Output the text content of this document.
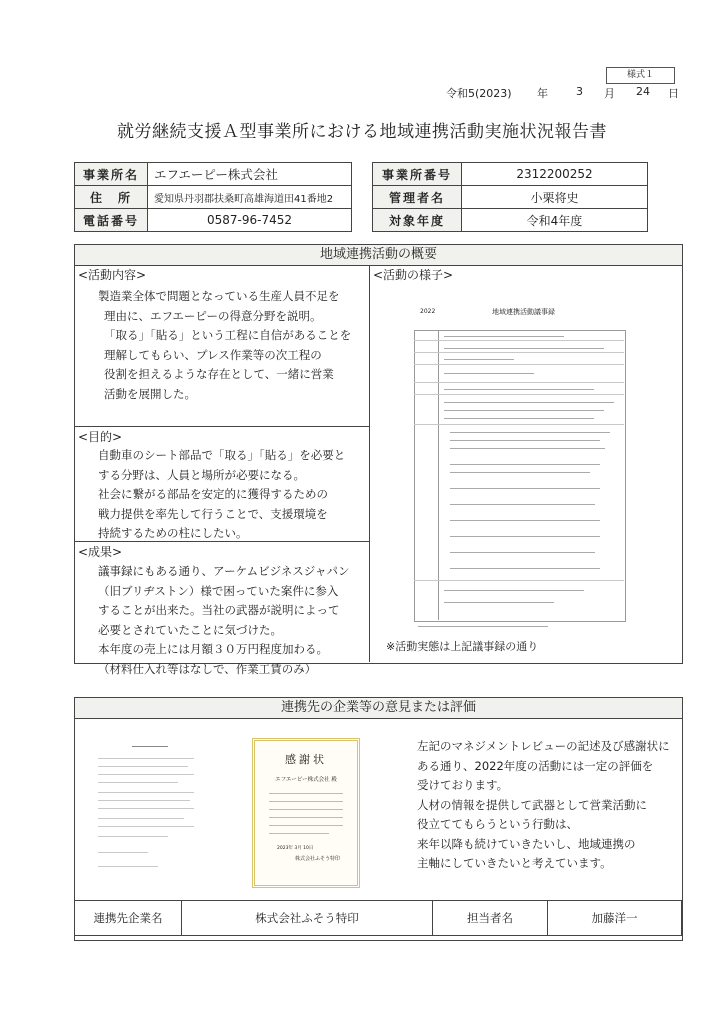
様式１
令和5(2023) 年	3 月 24 日
就労継続支援Ａ型事業所における地域連携活動実施状況報告書
事業所名	エフエーピー株式会社
住　所	愛知県丹羽郡扶桑町高雄海道田41番地2
電話番号	0587-96-7452
事業所番号	2312200252
管理者名	小栗将史
対象年度	令和4年度
地域連携活動の概要
<活動内容>
製造業全体で問題となっている生産人員不足を
理由に、エフエーピーの得意分野を説明。
「取る」「貼る」という工程に自信があることを
理解してもらい、プレス作業等の次工程の
役割を担えるような存在として、一緒に営業
活動を展開した。
<目的>
自動車のシート部品で「取る」「貼る」を必要と
する分野は、人員と場所が必要になる。
社会に繋がる部品を安定的に獲得するための
戦力提供を率先して行うことで、支援環境を
持続するための柱にしたい。
<成果>
議事録にもある通り、アーケムビジネスジャパン
（旧ブリヂストン）様で困っていた案件に参入
することが出来た。当社の武器が説明によって
必要とされていたことに気づけた。
本年度の売上には月額３０万円程度加わる。
（材料仕入れ等はなしで、作業工賃のみ）
<活動の様子>
2022	地域連携活動議事録
※活動実態は上記議事録の通り
連携先の企業等の意見または評価
感謝状
エフエーピー株式会社 殿
2023年 3月 10日
株式会社ふそう特印
左記のマネジメントレビューの記述及び感謝状に
ある通り、2022年度の活動には一定の評価を
受けております。
人材の情報を提供して武器として営業活動に
役立ててもらうという行動は、
来年以降も続けていきたいし、地域連携の
主軸にしていきたいと考えています。
連携先企業名	株式会社ふそう特印	担当者名	加藤洋一
